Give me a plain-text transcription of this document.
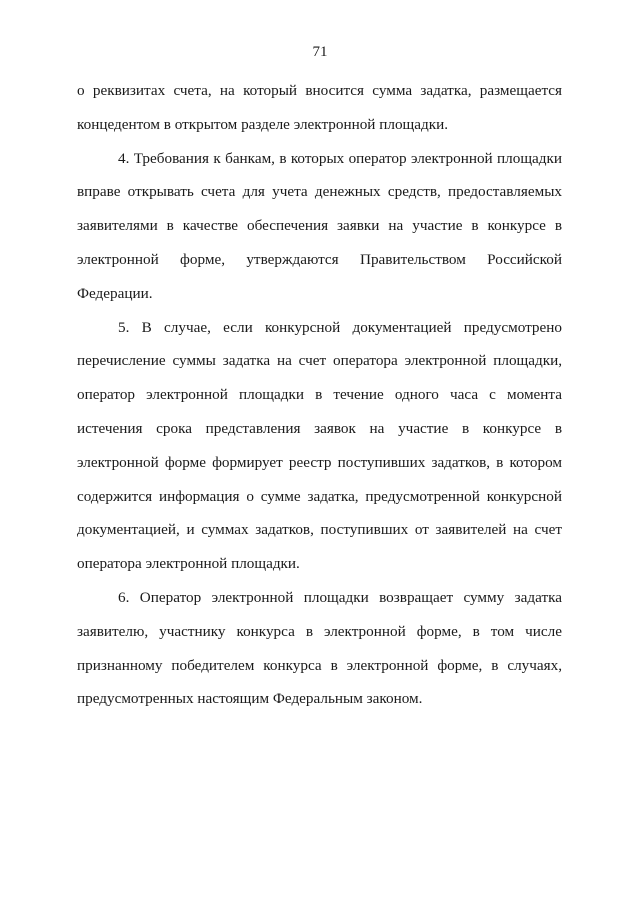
71

о реквизитах счета, на который вносится сумма задатка, размещается концедентом в открытом разделе электронной площадки.

4. Требования к банкам, в которых оператор электронной площадки вправе открывать счета для учета денежных средств, предоставляемых заявителями в качестве обеспечения заявки на участие в конкурсе в электронной форме, утверждаются Правительством Российской Федерации.

5. В случае, если конкурсной документацией предусмотрено перечисление суммы задатка на счет оператора электронной площадки, оператор электронной площадки в течение одного часа с момента истечения срока представления заявок на участие в конкурсе в электронной форме формирует реестр поступивших задатков, в котором содержится информация о сумме задатка, предусмотренной конкурсной документацией, и суммах задатков, поступивших от заявителей на счет оператора электронной площадки.

6. Оператор электронной площадки возвращает сумму задатка заявителю, участнику конкурса в электронной форме, в том числе признанному победителем конкурса в электронной форме, в случаях, предусмотренных настоящим Федеральным законом.
